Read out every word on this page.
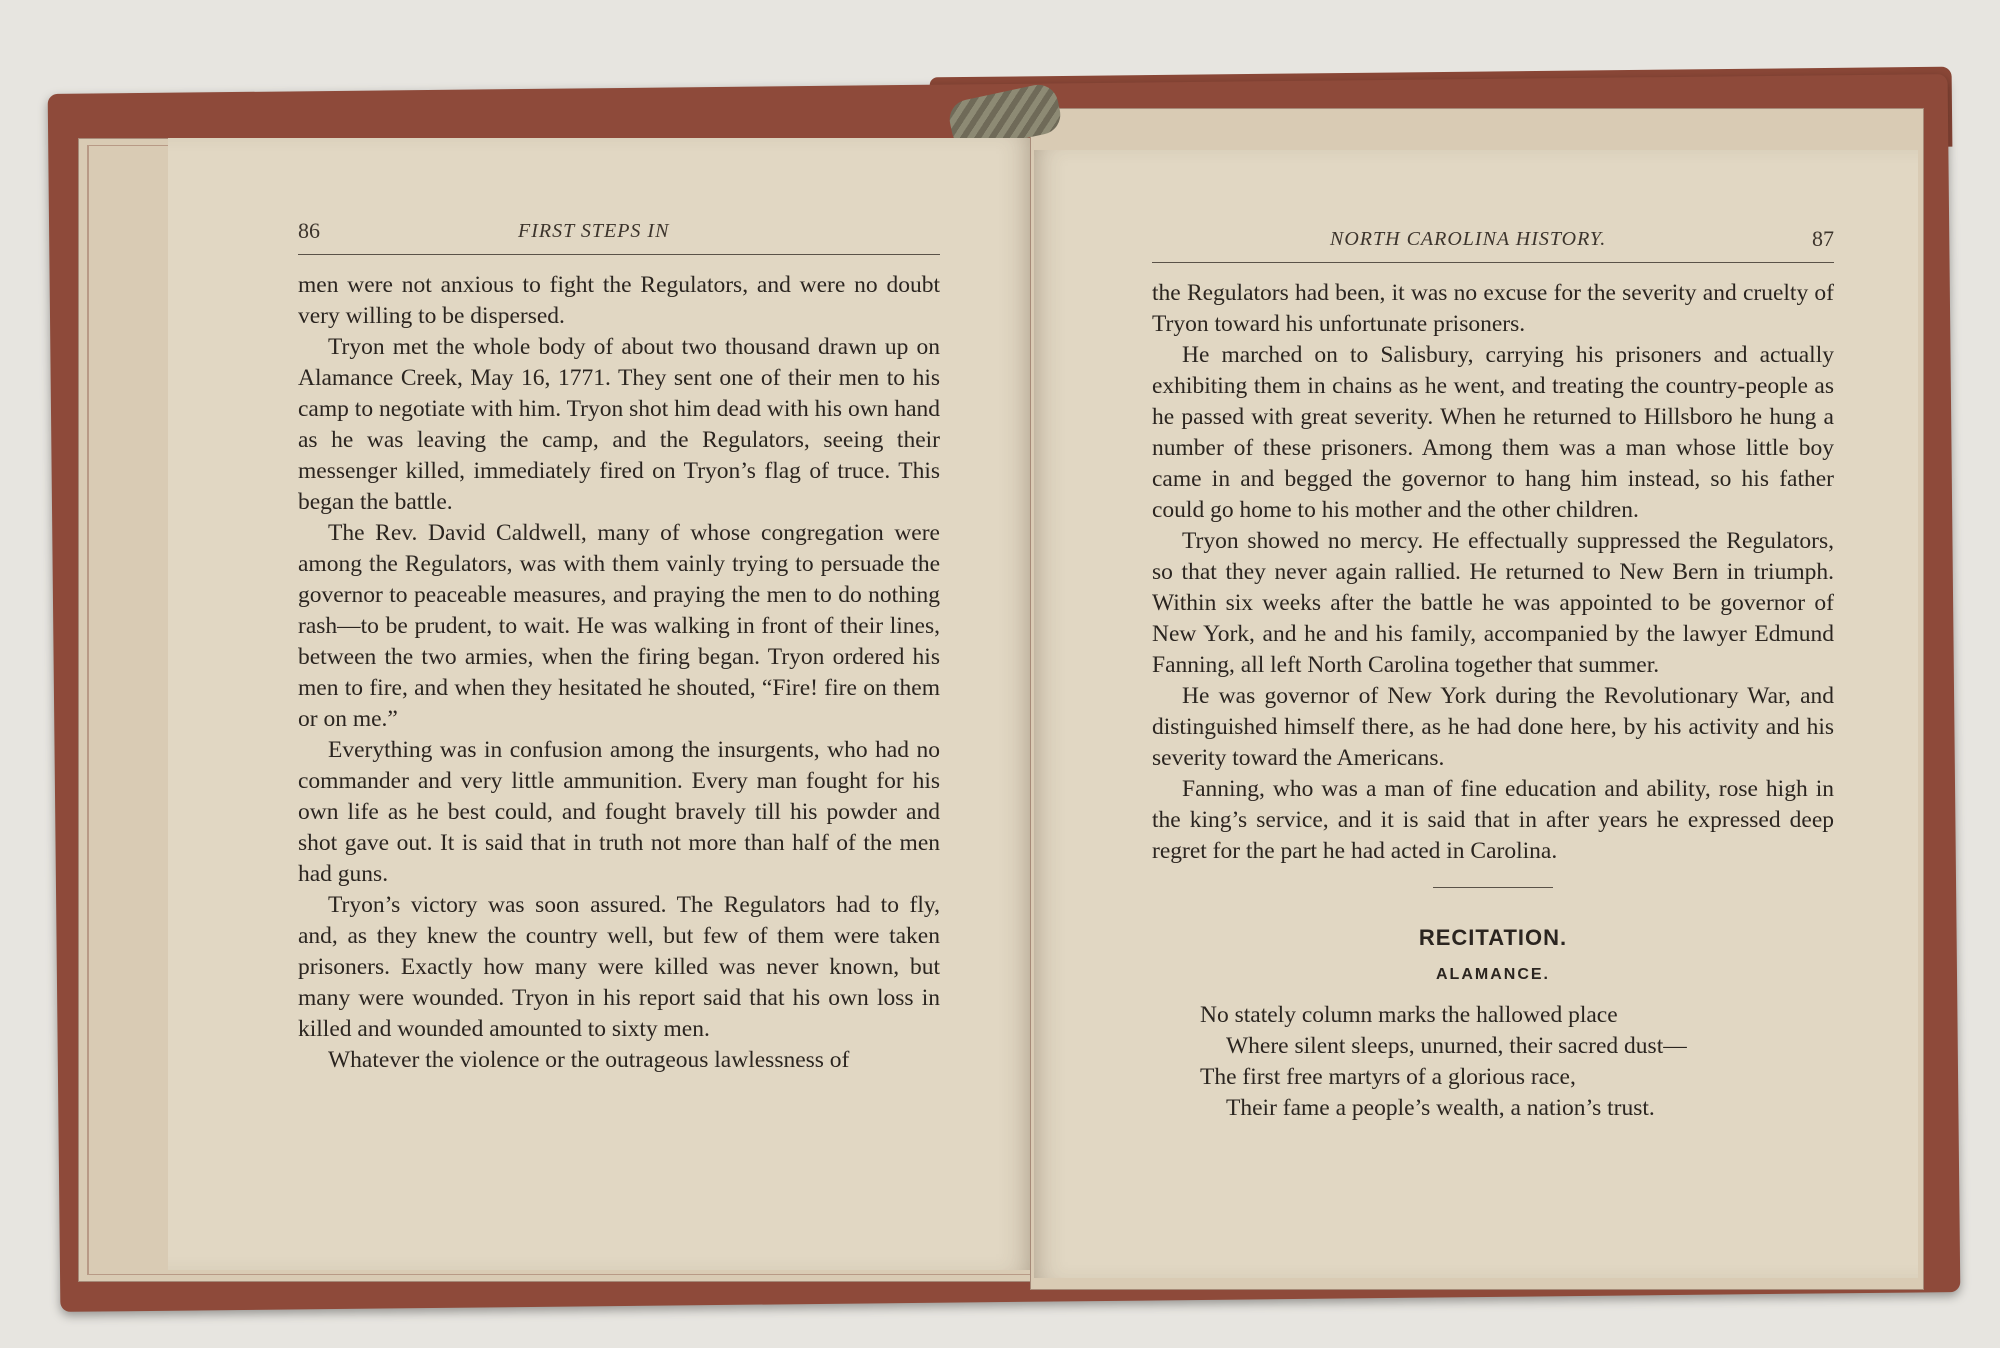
86	FIRST STEPS IN

men were not anxious to fight the Regulators, and were no doubt very willing to be dispersed.

Tryon met the whole body of about two thousand drawn up on Alamance Creek, May 16, 1771. They sent one of their men to his camp to negotiate with him. Tryon shot him dead with his own hand as he was leaving the camp, and the Regulators, seeing their messenger killed, immediately fired on Tryon’s flag of truce. This began the battle.

The Rev. David Caldwell, many of whose congregation were among the Regulators, was with them vainly trying to persuade the governor to peaceable measures, and praying the men to do nothing rash—to be prudent, to wait. He was walking in front of their lines, between the two armies, when the firing began. Tryon ordered his men to fire, and when they hesitated he shouted, “Fire! fire on them or on me.”

Everything was in confusion among the insurgents, who had no commander and very little ammunition. Every man fought for his own life as he best could, and fought bravely till his powder and shot gave out. It is said that in truth not more than half of the men had guns.

Tryon’s victory was soon assured. The Regulators had to fly, and, as they knew the country well, but few of them were taken prisoners. Exactly how many were killed was never known, but many were wounded. Tryon in his report said that his own loss in killed and wounded amounted to sixty men.

Whatever the violence or the outrageous lawlessness of

NORTH CAROLINA HISTORY.	87

the Regulators had been, it was no excuse for the severity and cruelty of Tryon toward his unfortunate prisoners.

He marched on to Salisbury, carrying his prisoners and actually exhibiting them in chains as he went, and treating the country-people as he passed with great severity. When he returned to Hillsboro he hung a number of these prisoners. Among them was a man whose little boy came in and begged the governor to hang him instead, so his father could go home to his mother and the other children.

Tryon showed no mercy. He effectually suppressed the Regulators, so that they never again rallied. He returned to New Bern in triumph. Within six weeks after the battle he was appointed to be governor of New York, and he and his family, accompanied by the lawyer Edmund Fanning, all left North Carolina together that summer.

He was governor of New York during the Revolutionary War, and distinguished himself there, as he had done here, by his activity and his severity toward the Americans.

Fanning, who was a man of fine education and ability, rose high in the king’s service, and it is said that in after years he expressed deep regret for the part he had acted in Carolina.

RECITATION.
ALAMANCE.
No stately column marks the hallowed place
Where silent sleeps, unurned, their sacred dust—
The first free martyrs of a glorious race,
Their fame a people’s wealth, a nation’s trust.
